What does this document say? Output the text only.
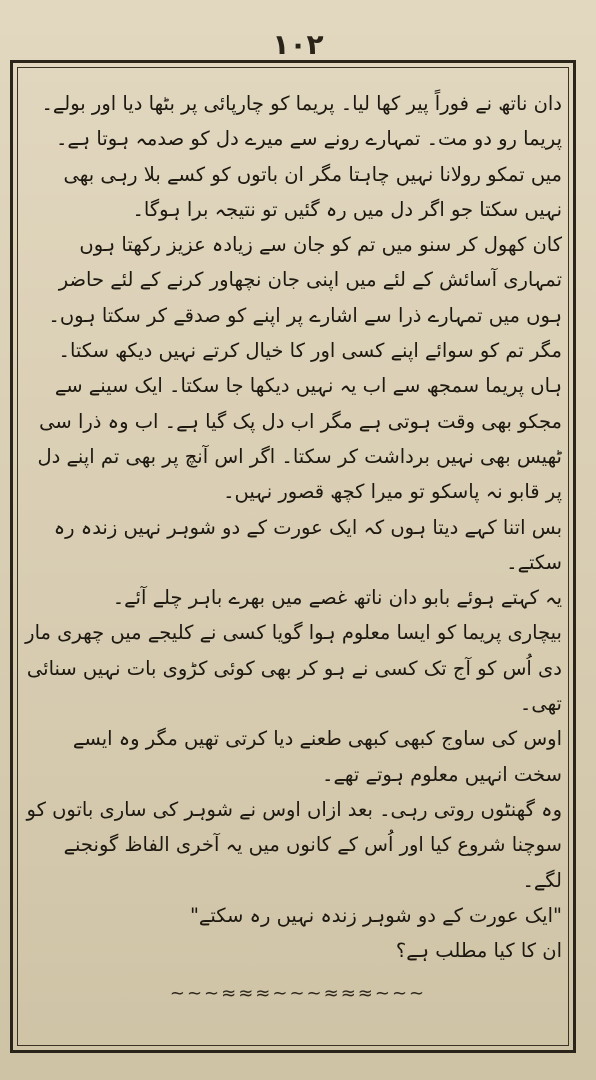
١٠٢

دان ناتھ نے فوراً پیر کھا لیا۔ پریما کو چارپائی پر بٹھا دیا اور بولے۔

پریما رو دو مت۔ تمہارے رونے سے میرے دل کو صدمہ ہوتا ہے۔ میں تمکو رولانا نہیں چاہتا مگر ان باتوں کو کسے بلا رہی بھی نہیں سکتا جو اگر دل میں رہ گئیں تو نتیجہ برا ہوگا۔

کان کھول کر سنو میں تم کو جان سے زیادہ عزیز رکھتا ہوں تمہاری آسائش کے لئے میں اپنی جان نچھاور کرنے کے لئے حاضر ہوں میں تمہارے ذرا سے اشارے پر اپنے کو صدقے کر سکتا ہوں۔

مگر تم کو سوائے اپنے کسی اور کا خیال کرتے نہیں دیکھ سکتا۔ ہاں پریما سمجھ سے اب یہ نہیں دیکھا جا سکتا۔ ایک سینے سے مجکو بھی وقت ہوتی ہے مگر اب دل پک گیا ہے۔ اب وہ ذرا سی ٹھیس بھی نہیں برداشت کر سکتا۔ اگر اس آنچ پر بھی تم اپنے دل پر قابو نہ پاسکو تو میرا کچھ قصور نہیں۔

بس اتنا کہے دیتا ہوں کہ ایک عورت کے دو شوہر نہیں زندہ رہ سکتے۔

یہ کہتے ہوئے بابو دان ناتھ غصے میں بھرے باہر چلے آئے۔

بیچاری پریما کو ایسا معلوم ہوا گویا کسی نے کلیجے میں چھری مار دی اُس کو آج تک کسی نے ہو کر بھی کوئی کڑوی بات نہیں سنائی تھی۔

اوس کی ساوج کبھی کبھی طعنے دیا کرتی تھیں مگر وہ ایسے سخت انہیں معلوم ہوتے تھے۔

وہ گھنٹوں روتی رہی۔ بعد ازاں اوس نے شوہر کی ساری باتوں کو سوچنا شروع کیا اور اُس کے کانوں میں یہ آخری الفاظ گونجنے لگے۔

"ایک عورت کے دو شوہر زندہ نہیں رہ سکتے"

ان کا کیا مطلب ہے؟

~~~≈≈≈~~~≈≈≈~~~
